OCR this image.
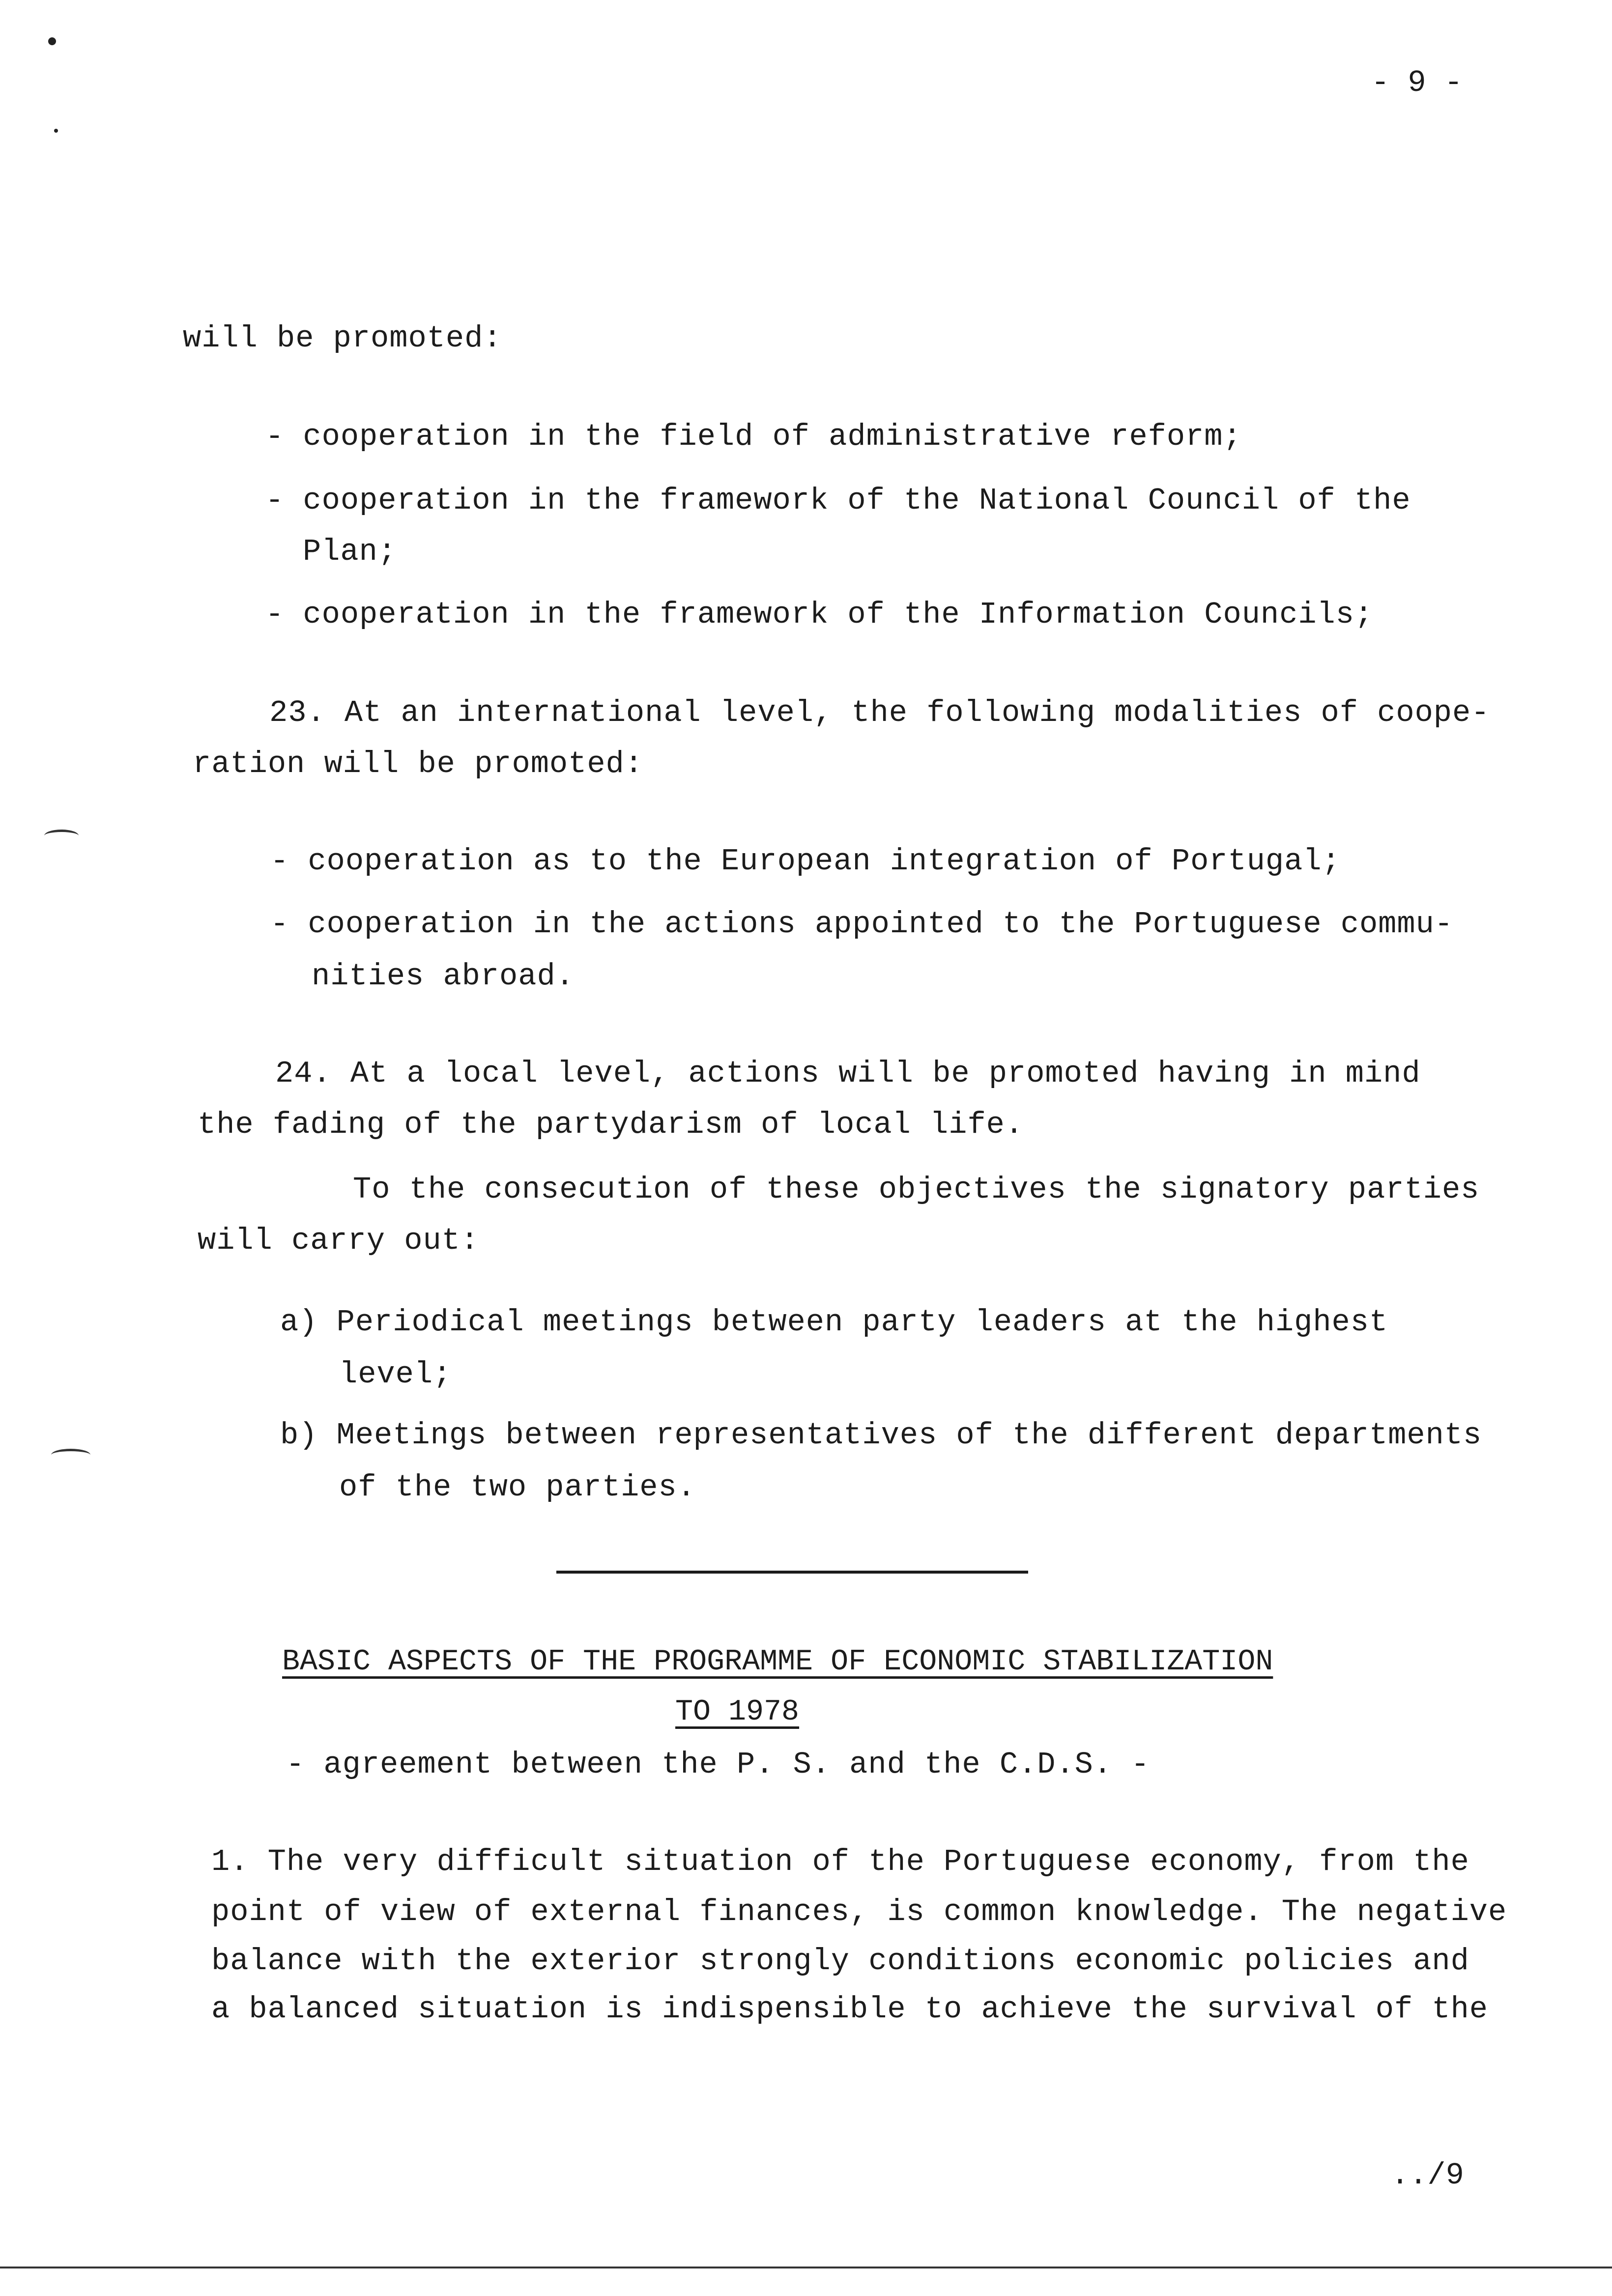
- 9 -
will be promoted:
- cooperation in the field of administrative reform;
- cooperation in the framework of the National Council of the
Plan;
- cooperation in the framework of the Information Councils;
23. At an international level, the following modalities of coope-
ration will be promoted:
- cooperation as to the European integration of Portugal;
- cooperation in the actions appointed to the Portuguese commu-
nities abroad.
24. At a local level, actions will be promoted having in mind
the fading of the partydarism of local life.
To the consecution of these objectives the signatory parties
will carry out:
a) Periodical meetings between party leaders at the highest
level;
b) Meetings between representatives of the different departments
of the two parties.
BASIC ASPECTS OF THE PROGRAMME OF ECONOMIC STABILIZATION
TO 1978
- agreement between the P. S. and the C.D.S. -
1. The very difficult situation of the Portuguese economy, from the
point of view of external finances, is common knowledge. The negative
balance with the exterior strongly conditions economic policies and
a balanced situation is indispensible to achieve the survival of the
../9
